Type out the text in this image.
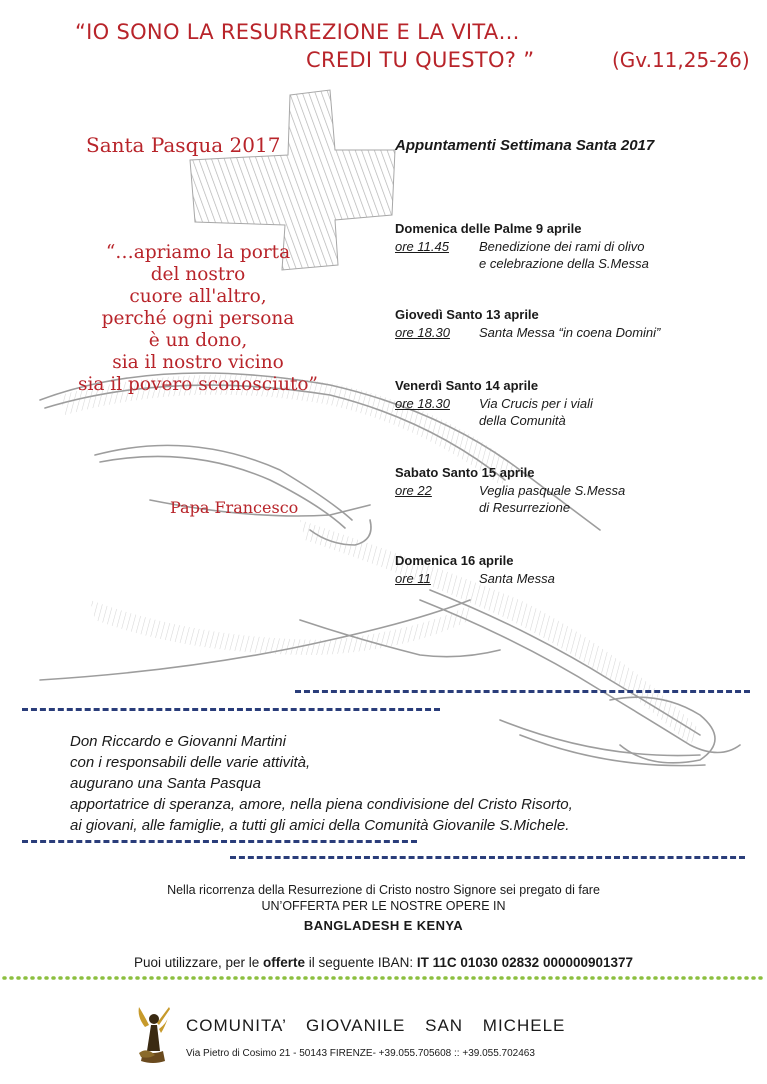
“IO SONO LA RESURREZIONE E LA VITA…
CREDI TU QUESTO? ”	(Gv.11,25-26)
Santa Pasqua 2017
“…apriamo la porta
del nostro
cuore all'altro,
perché ogni persona
è un dono,
sia il nostro vicino
sia il povero sconosciuto”
Papa Francesco
Appuntamenti Settimana Santa 2017
Domenica delle Palme 9 aprile
ore 11.45	Benedizione dei rami di olivo
e celebrazione della S.Messa
Giovedì Santo 13 aprile
ore 18.30	Santa Messa “in coena Domini”
Venerdì Santo 14 aprile
ore 18.30	Via Crucis per i viali
della Comunità
Sabato Santo 15 aprile
ore 22	Veglia pasquale S.Messa
di Resurrezione
Domenica 16 aprile
ore 11	Santa Messa
Don Riccardo e Giovanni Martini
con i responsabili delle varie attività,
augurano una Santa Pasqua
apportatrice di speranza, amore, nella piena condivisione del Cristo Risorto,
ai giovani, alle famiglie, a tutti gli amici della Comunità Giovanile S.Michele.
Nella ricorrenza della Resurrezione di Cristo nostro Signore sei pregato di fare
UN’OFFERTA PER LE NOSTRE OPERE IN
BANGLADESH E KENYA
Puoi utilizzare, per le offerte il seguente IBAN: IT 11C 01030 02832 000000901377
COMUNITA’ GIOVANILE SAN MICHELE
Via Pietro di Cosimo 21 - 50143 FIRENZE- +39.055.705608 :: +39.055.702463
